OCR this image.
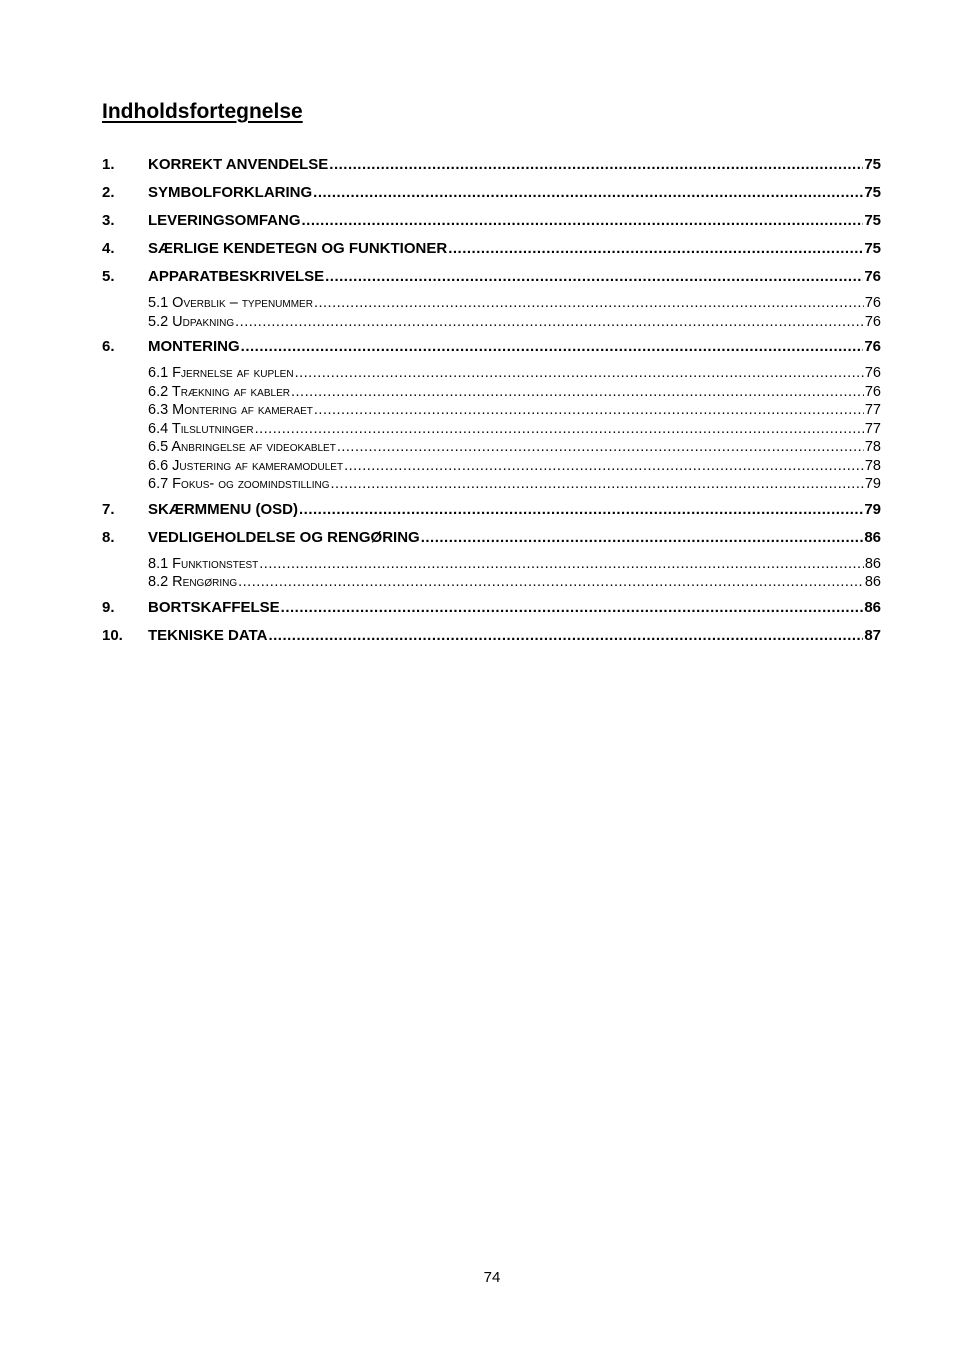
Indholdsfortegnelse
1.	KORREKT ANVENDELSE .....	75
2.	SYMBOLFORKLARING .....	75
3.	LEVERINGSOMFANG .....	75
4.	SÆRLIGE KENDETEGN OG FUNKTIONER .....	75
5.	APPARATBESKRIVELSE .....	76
5.1 Overblik – typenummer .....	76
5.2 Udpakning .....	76
6.	MONTERING .....	76
6.1 Fjernelse af kuplen .....	76
6.2 Trækning af kabler .....	76
6.3 Montering af kameraet .....	77
6.4 Tilslutninger .....	77
6.5 Anbringelse af videokablet .....	78
6.6 Justering af kameramodulet .....	78
6.7 Fokus- og zoomindstilling .....	79
7.	SKÆRMMENU (OSD) .....	79
8.	VEDLIGEHOLDELSE OG RENGØRING .....	86
8.1 Funktionstest .....	86
8.2 Rengøring .....	86
9.	BORTSKAFFELSE .....	86
10.	TEKNISKE DATA .....	87
74
